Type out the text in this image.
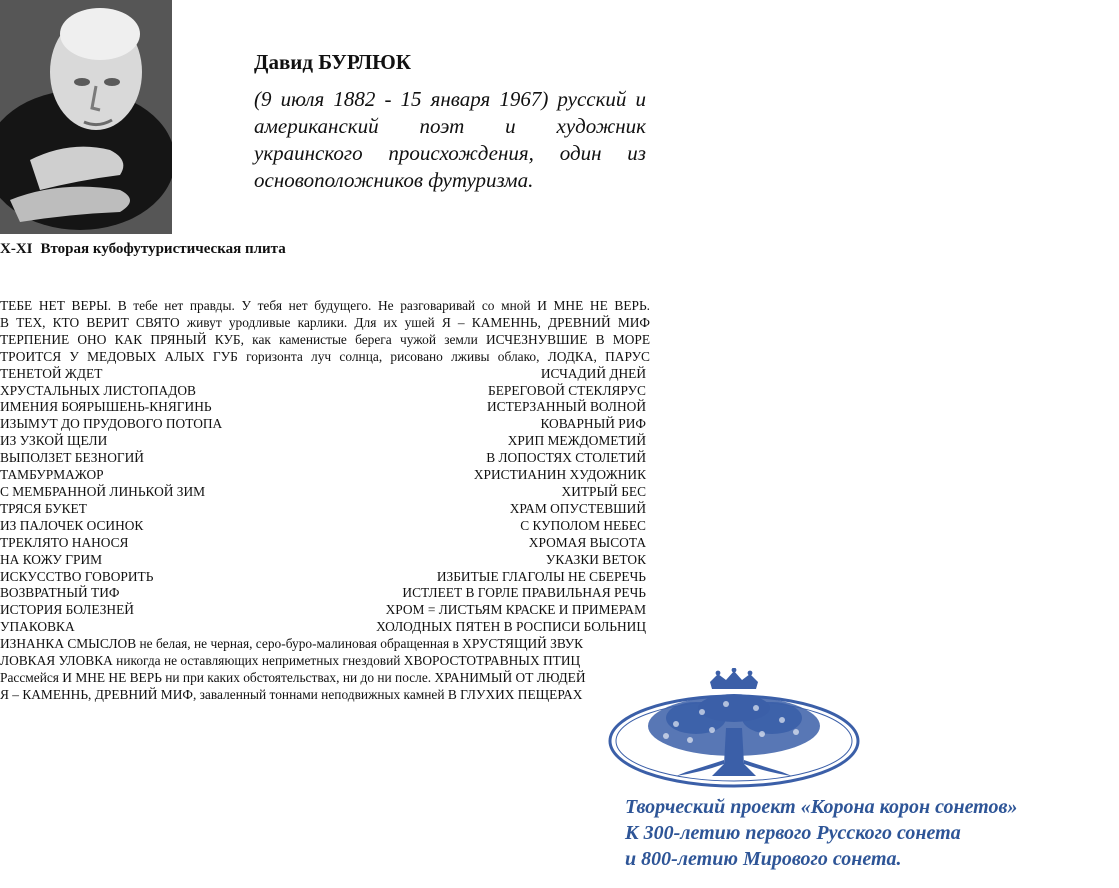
Давид БУРЛЮК
(9 июля 1882 - 15 января 1967) русский и американский поэт и художник украинского происхождения, один из основоположников футуризма.
X-XI Вторая кубофутуристическая плита
ТЕБЕ НЕТ ВЕРЫ. В тебе нет правды. У тебя нет будущего. Не разговаривай со мной И МНЕ НЕ ВЕРЬ.
В ТЕХ, КТО ВЕРИТ СВЯТО живут уродливые карлики. Для их ушей Я – КАМЕННЬ, ДРЕВНИЙ МИФ
ТЕРПЕНИЕ ОНО КАК ПРЯНЫЙ КУБ, как каменистые берега чужой земли ИСЧЕЗНУВШИЕ В МОРЕ
ТРОИТСЯ У МЕДОВЫХ АЛЫХ ГУБ горизонта луч солнца, рисовано лживы облако, ЛОДКА, ПАРУС
ТЕНЕТОЙ ЖДЕТ	ИСЧАДИЙ ДНЕЙ
ХРУСТАЛЬНЫХ ЛИСТОПАДОВ	БЕРЕГОВОЙ СТЕКЛЯРУС
ИМЕНИЯ БОЯРЫШЕНЬ-КНЯГИНЬ	ИСТЕРЗАННЫЙ ВОЛНОЙ
ИЗЫМУТ ДО ПРУДОВОГО ПОТОПА	КОВАРНЫЙ РИФ
ИЗ УЗКОЙ ЩЕЛИ	ХРИП МЕЖДОМЕТИЙ
ВЫПОЛЗЕТ БЕЗНОГИЙ	В ЛОПОСТЯХ СТОЛЕТИЙ
ТАМБУРМАЖОР	ХРИСТИАНИН ХУДОЖНИК
С МЕМБРАННОЙ ЛИНЬКОЙ ЗИМ	ХИТРЫЙ БЕС
ТРЯСЯ БУКЕТ	ХРАМ ОПУСТЕВШИЙ
ИЗ ПАЛОЧЕК ОСИНОК	С КУПОЛОМ НЕБЕС
ТРЕКЛЯТО НАНОСЯ	ХРОМАЯ ВЫСОТА
НА КОЖУ ГРИМ	УКАЗКИ ВЕТОК
ИСКУССТВО ГОВОРИТЬ	ИЗБИТЫЕ ГЛАГОЛЫ НЕ СБЕРЕЧЬ
ВОЗВРАТНЫЙ ТИФ	ИСТЛЕЕТ В ГОРЛЕ ПРАВИЛЬНАЯ РЕЧЬ
ИСТОРИЯ БОЛЕЗНЕЙ	ХРОМ = ЛИСТЬЯМ КРАСКЕ И ПРИМЕРАМ
УПАКОВКА	ХОЛОДНЫХ ПЯТЕН В РОСПИСИ БОЛЬНИЦ
ИЗНАНКА СМЫСЛОВ не белая, не черная, серо-буро-малиновая обращенная в ХРУСТЯЩИЙ ЗВУК
ЛОВКАЯ УЛОВКА никогда не оставляющих неприметных гнездовий ХВОРОСТОТРАВНЫХ ПТИЦ
Рассмейся И МНЕ НЕ ВЕРЬ ни при каких обстоятельствах, ни до ни после. ХРАНИМЫЙ ОТ ЛЮДЕЙ
Я – КАМЕННЬ, ДРЕВНИЙ МИФ, заваленный тоннами неподвижных камней В ГЛУХИХ ПЕЩЕРАХ
Творческий проект «Корона корон сонетов»
К 300-летию первого Русского сонета
и 800-летию Мирового сонета.
